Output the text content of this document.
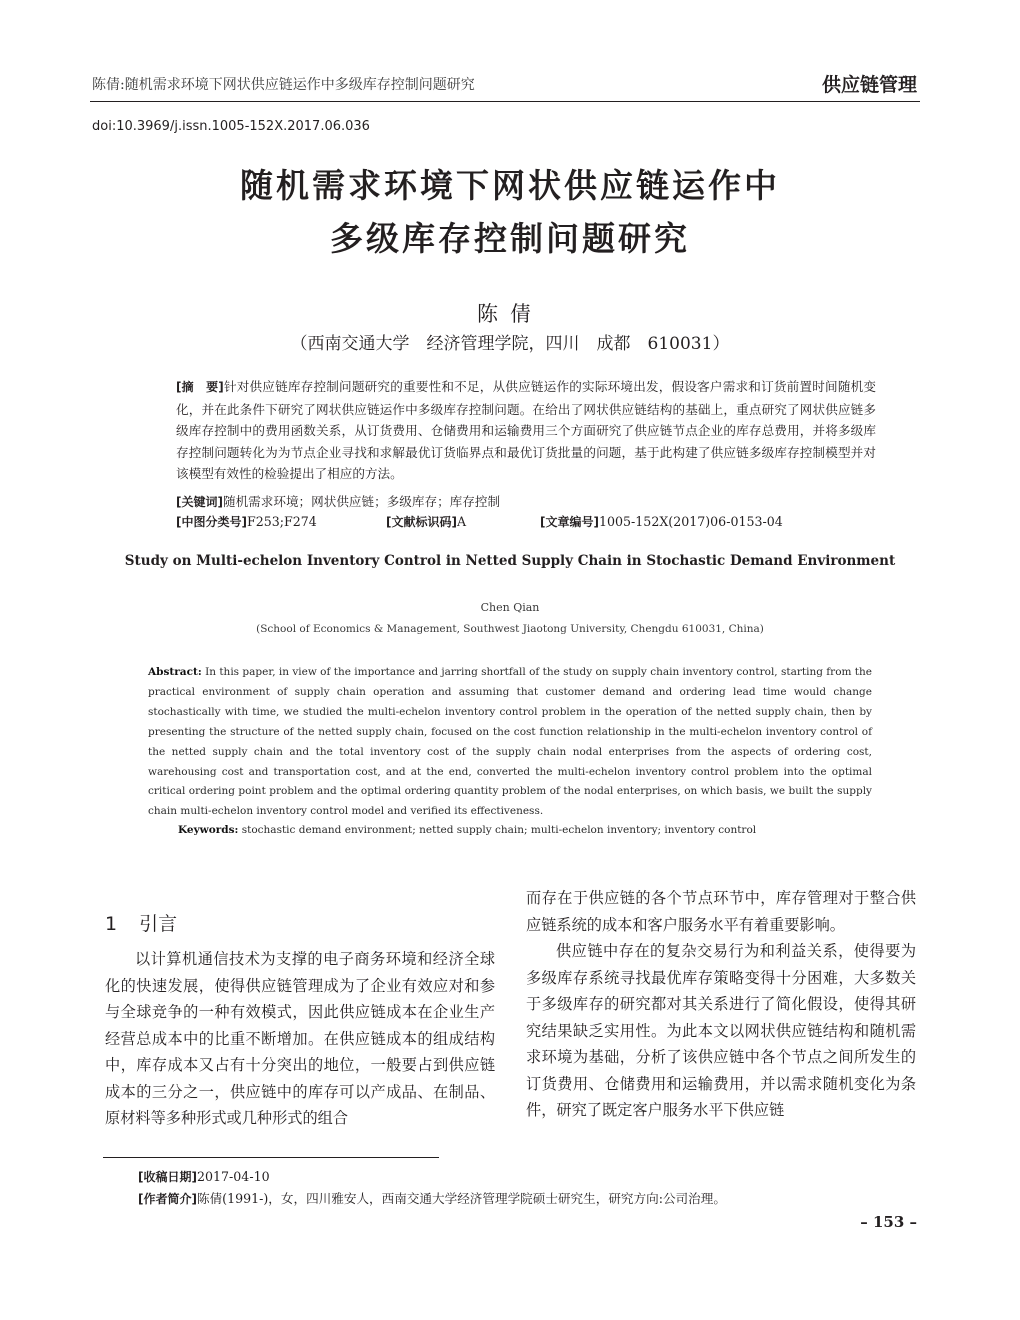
陈倩:随机需求环境下网状供应链运作中多级库存控制问题研究	供应链管理
doi:10.3969/j.issn.1005-152X.2017.06.036
随机需求环境下网状供应链运作中
多级库存控制问题研究
陈倩
（西南交通大学　经济管理学院，四川　成都　610031）

[摘　要]针对供应链库存控制问题研究的重要性和不足，从供应链运作的实际环境出发，假设客户需求和订货前置时间随机变化，并在此条件下研究了网状供应链运作中多级库存控制问题。在给出了网状供应链结构的基础上，重点研究了网状供应链多级库存控制中的费用函数关系，从订货费用、仓储费用和运输费用三个方面研究了供应链节点企业的库存总费用，并将多级库存控制问题转化为为节点企业寻找和求解最优订货临界点和最优订货批量的问题，基于此构建了供应链多级库存控制模型并对该模型有效性的检验提出了相应的方法。

[关键词]随机需求环境；网状供应链；多级库存；库存控制
[中图分类号]F253;F274	[文献标识码]A	[文章编号]1005-152X(2017)06-0153-04
Study on Multi-echelon Inventory Control in Netted Supply Chain in Stochastic Demand Environment
Chen Qian
(School of Economics & Management, Southwest Jiaotong University, Chengdu 610031, China)

Abstract: In this paper, in view of the importance and jarring shortfall of the study on supply chain inventory control, starting from the practical environment of supply chain operation and assuming that customer demand and ordering lead time would change stochastically with time, we studied the multi-echelon inventory control problem in the operation of the netted supply chain, then by presenting the structure of the netted supply chain, focused on the cost function relationship in the multi-echelon inventory control of the netted supply chain and the total inventory cost of the supply chain nodal enterprises from the aspects of ordering cost, warehousing cost and transportation cost, and at the end, converted the multi-echelon inventory control problem into the optimal critical ordering point problem and the optimal ordering quantity problem of the nodal enterprises, on which basis, we built the supply chain multi-echelon inventory control model and verified its effectiveness.

Keywords: stochastic demand environment; netted supply chain; multi-echelon inventory; inventory control
1 引言

以计算机通信技术为支撑的电子商务环境和经济全球化的快速发展，使得供应链管理成为了企业有效应对和参与全球竞争的一种有效模式，因此供应链成本在企业生产经营总成本中的比重不断增加。在供应链成本的组成结构中，库存成本又占有十分突出的地位，一般要占到供应链成本的三分之一，供应链中的库存可以产成品、在制品、原材料等多种形式或几种形式的组合

而存在于供应链的各个节点环节中，库存管理对于整合供应链系统的成本和客户服务水平有着重要影响。

供应链中存在的复杂交易行为和利益关系，使得要为多级库存系统寻找最优库存策略变得十分困难，大多数关于多级库存的研究都对其关系进行了简化假设，使得其研究结果缺乏实用性。为此本文以网状供应链结构和随机需求环境为基础，分析了该供应链中各个节点之间所发生的订货费用、仓储费用和运输费用，并以需求随机变化为条件，研究了既定客户服务水平下供应链

[收稿日期]2017-04-10
[作者简介]陈倩(1991-)，女，四川雅安人，西南交通大学经济管理学院硕士研究生，研究方向:公司治理。
– 153 –
